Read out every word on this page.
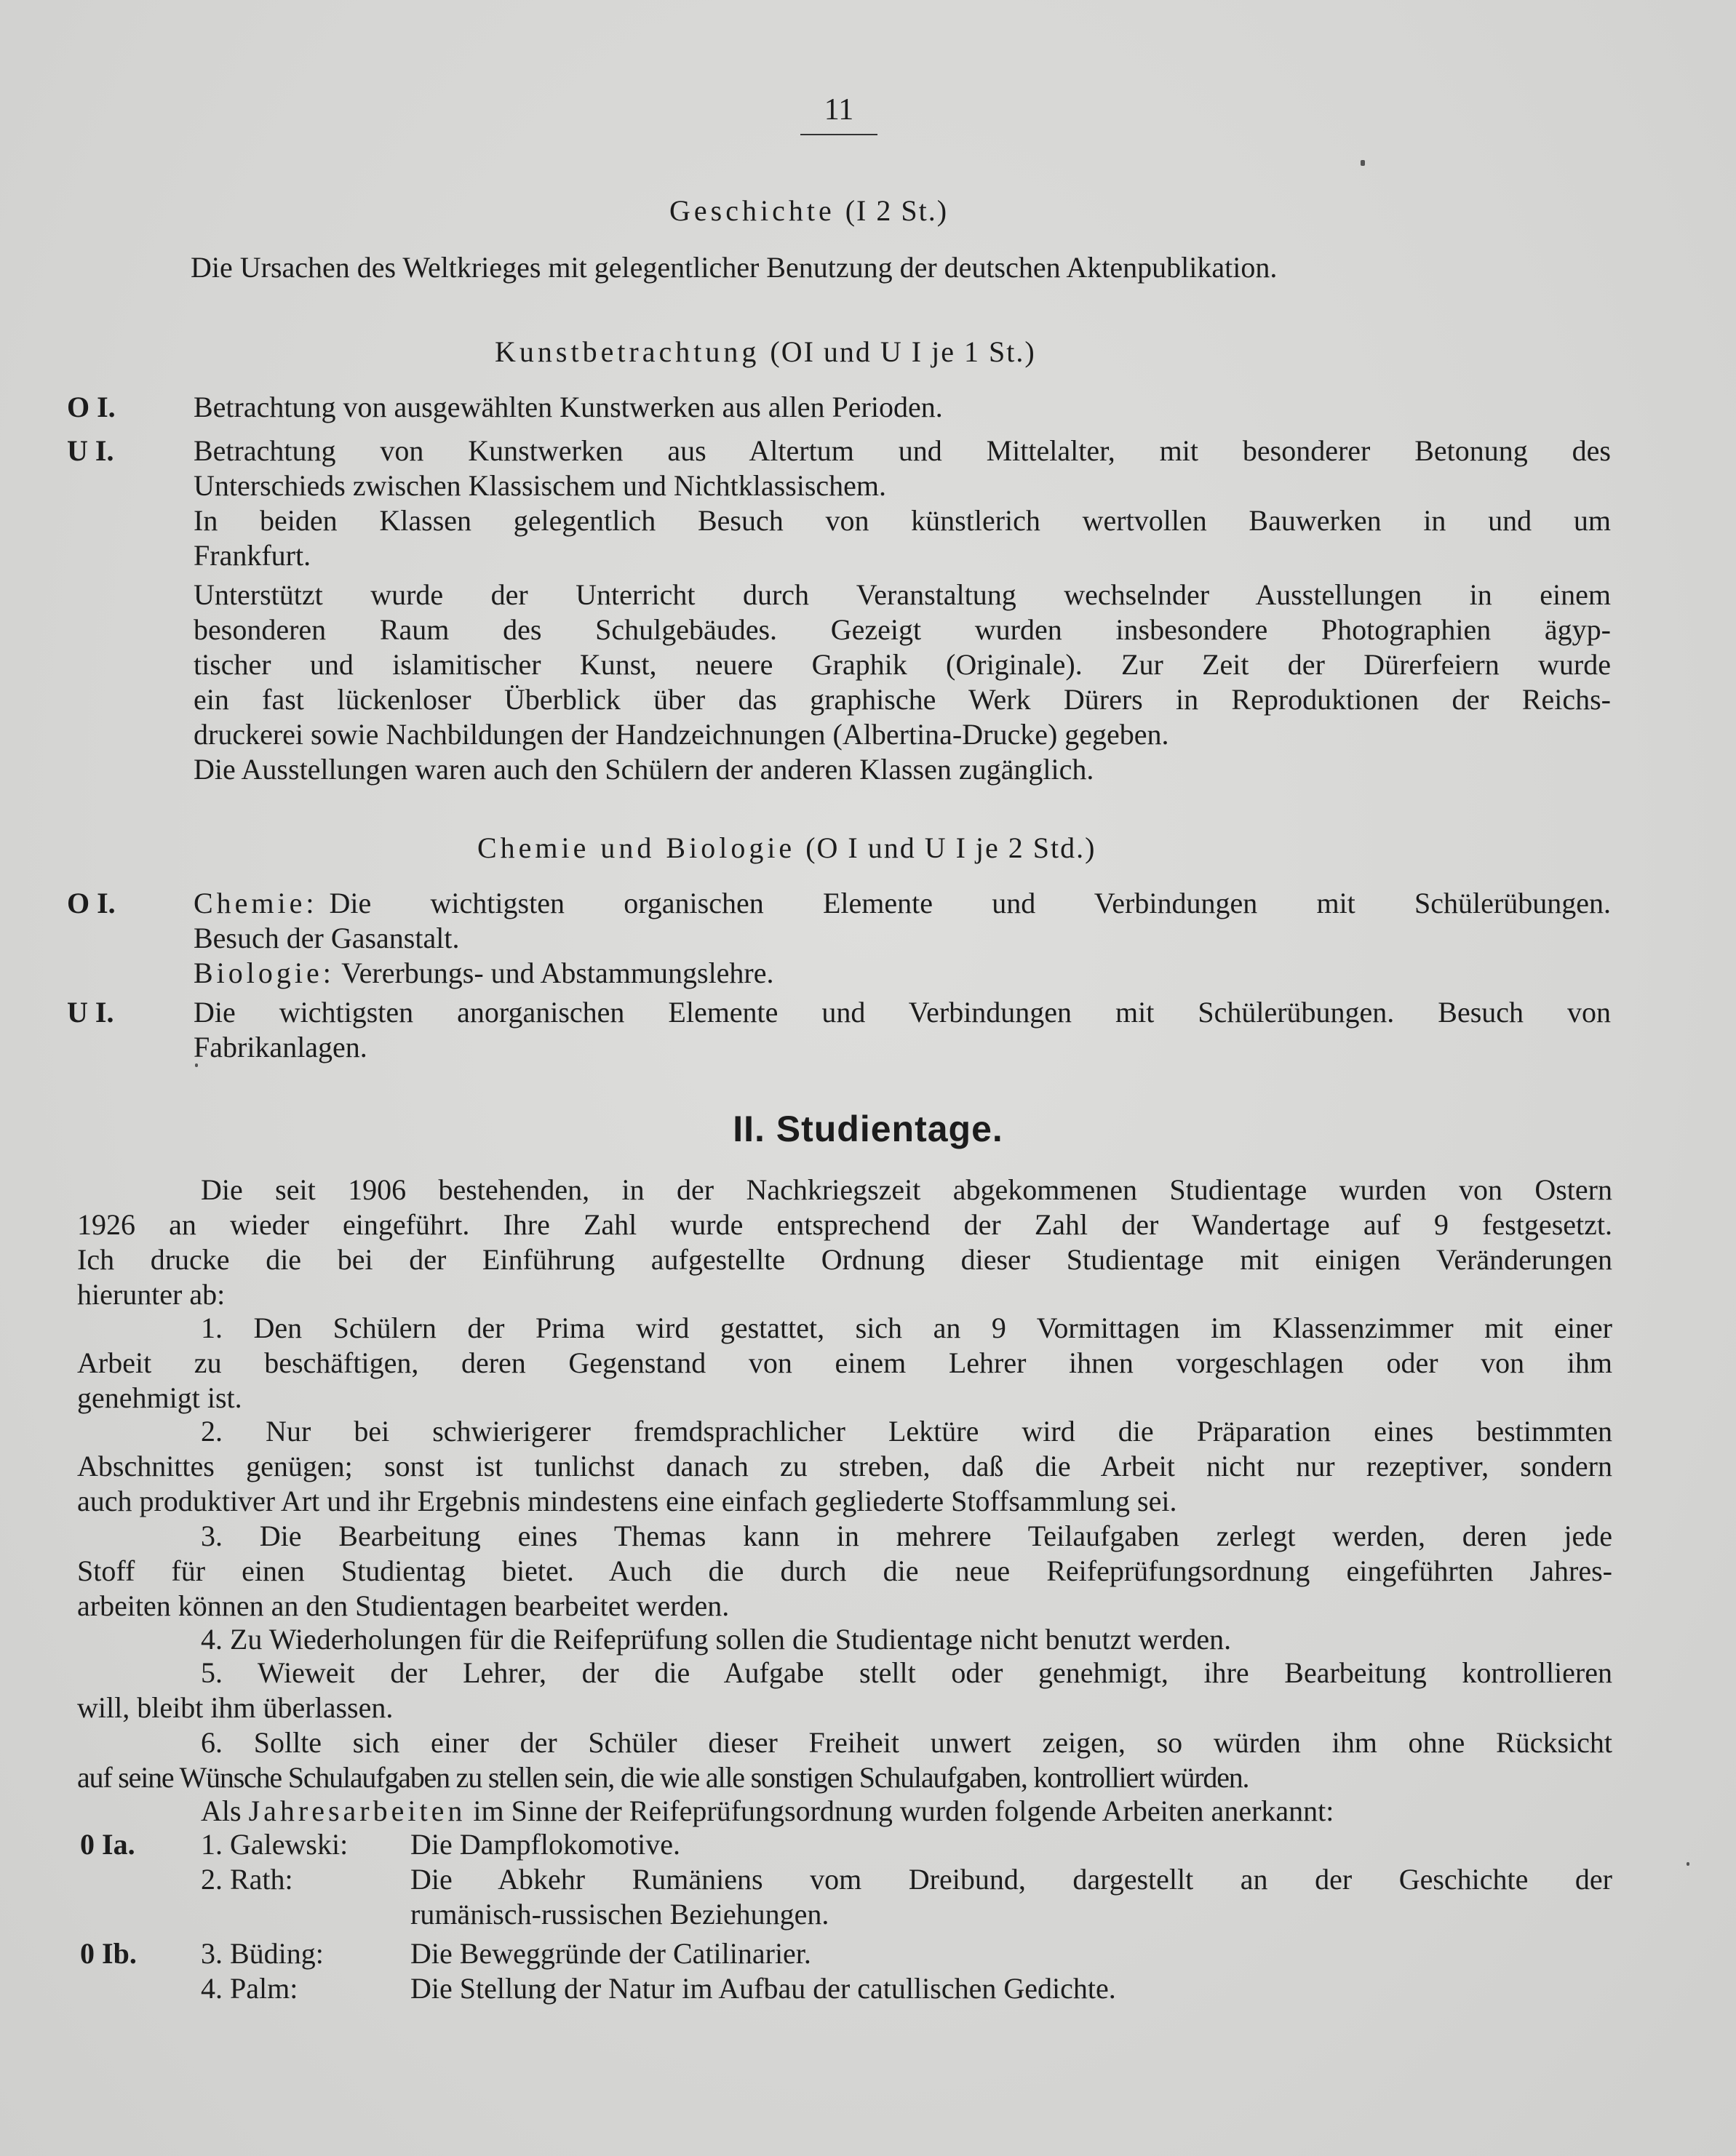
11
Geschichte (I 2 St.)
Die Ursachen des Weltkrieges mit gelegentlicher Benutzung der deutschen Aktenpublikation.
Kunstbetrachtung (OI und U I je 1 St.)
O I.	Betrachtung von ausgewählten Kunstwerken aus allen Perioden.
U I.	Betrachtung von Kunstwerken aus Altertum und Mittelalter, mit besonderer Betonung des
Unterschieds zwischen Klassischem und Nichtklassischem.
In beiden Klassen gelegentlich Besuch von künstlerich wertvollen Bauwerken in und um
Frankfurt.
Unterstützt wurde der Unterricht durch Veranstaltung wechselnder Ausstellungen in einem
besonderen Raum des Schulgebäudes. Gezeigt wurden insbesondere Photographien ägyp-
tischer und islamitischer Kunst, neuere Graphik (Originale). Zur Zeit der Dürerfeiern wurde
ein fast lückenloser Überblick über das graphische Werk Dürers in Reproduktionen der Reichs-
druckerei sowie Nachbildungen der Handzeichnungen (Albertina-Drucke) gegeben.
Die Ausstellungen waren auch den Schülern der anderen Klassen zugänglich.
Chemie und Biologie (O I und U I je 2 Std.)
O I.	Chemie: Die wichtigsten organischen Elemente und Verbindungen mit Schülerübungen.
Besuch der Gasanstalt.
Biologie: Vererbungs- und Abstammungslehre.
U I.	Die wichtigsten anorganischen Elemente und Verbindungen mit Schülerübungen. Besuch von
Fabrikanlagen.
II. Studientage.
Die seit 1906 bestehenden, in der Nachkriegszeit abgekommenen Studientage wurden von Ostern
1926 an wieder eingeführt. Ihre Zahl wurde entsprechend der Zahl der Wandertage auf 9 festgesetzt.
Ich drucke die bei der Einführung aufgestellte Ordnung dieser Studientage mit einigen Veränderungen
hierunter ab:
1. Den Schülern der Prima wird gestattet, sich an 9 Vormittagen im Klassenzimmer mit einer
Arbeit zu beschäftigen, deren Gegenstand von einem Lehrer ihnen vorgeschlagen oder von ihm
genehmigt ist.
2. Nur bei schwierigerer fremdsprachlicher Lektüre wird die Präparation eines bestimmten
Abschnittes genügen; sonst ist tunlichst danach zu streben, daß die Arbeit nicht nur rezeptiver, sondern
auch produktiver Art und ihr Ergebnis mindestens eine einfach gegliederte Stoffsammlung sei.
3. Die Bearbeitung eines Themas kann in mehrere Teilaufgaben zerlegt werden, deren jede
Stoff für einen Studientag bietet. Auch die durch die neue Reifeprüfungsordnung eingeführten Jahres-
arbeiten können an den Studientagen bearbeitet werden.
4. Zu Wiederholungen für die Reifeprüfung sollen die Studientage nicht benutzt werden.
5. Wieweit der Lehrer, der die Aufgabe stellt oder genehmigt, ihre Bearbeitung kontrollieren
will, bleibt ihm überlassen.
6. Sollte sich einer der Schüler dieser Freiheit unwert zeigen, so würden ihm ohne Rücksicht
auf seine Wünsche Schulaufgaben zu stellen sein, die wie alle sonstigen Schulaufgaben, kontrolliert würden.
Als Jahresarbeiten im Sinne der Reifeprüfungsordnung wurden folgende Arbeiten anerkannt:
0 Ia. 1. Galewski: Die Dampflokomotive.
2. Rath:	Die Abkehr Rumäniens vom Dreibund, dargestellt an der Geschichte der
rumänisch-russischen Beziehungen.
0 Ib. 3. Büding:	Die Beweggründe der Catilinarier.
4. Palm:	Die Stellung der Natur im Aufbau der catullischen Gedichte.
